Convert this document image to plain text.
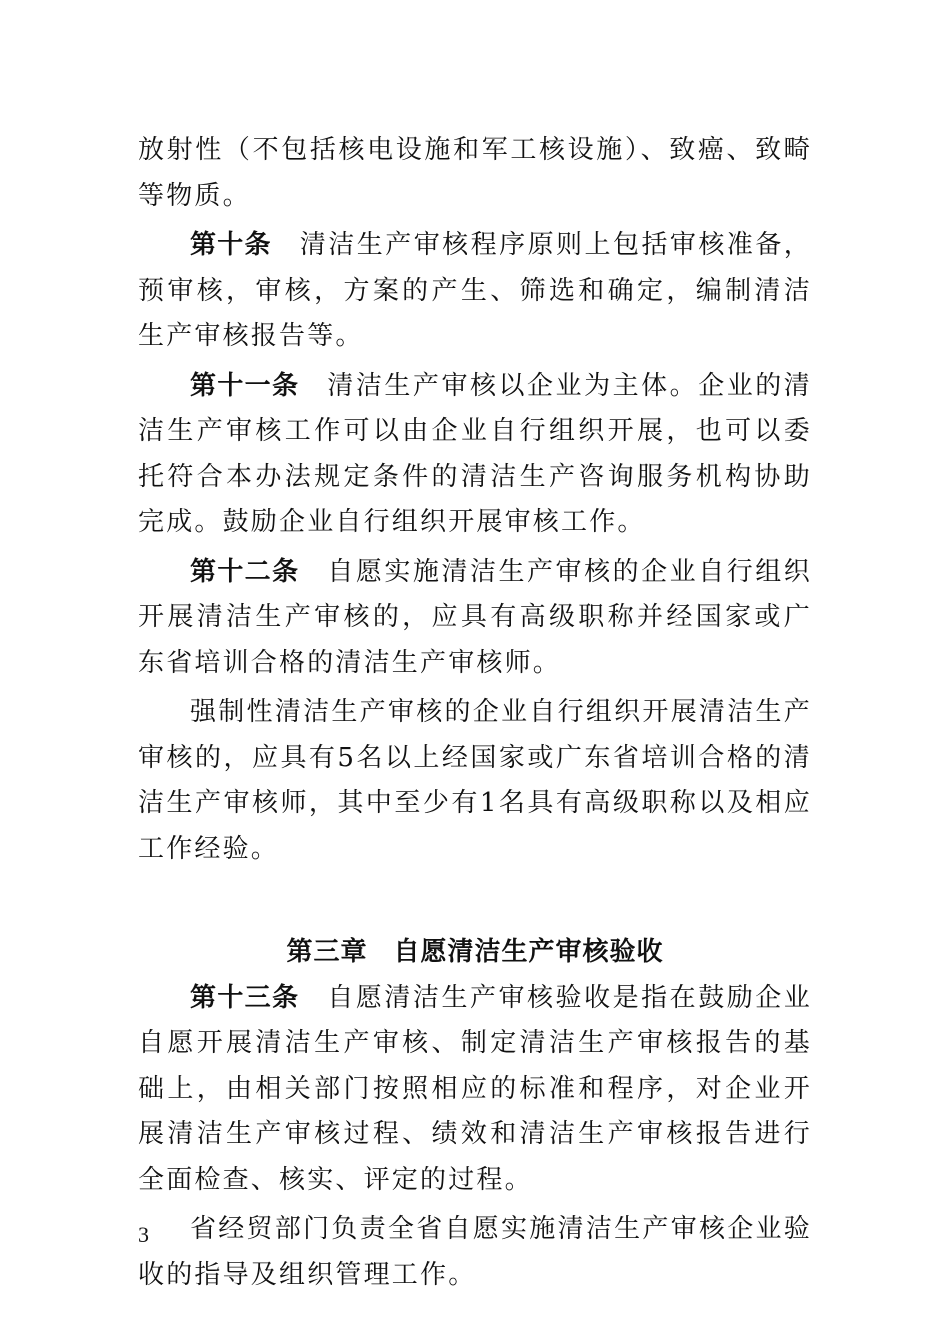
放射性（不包括核电设施和军工核设施）、致癌、致畸等物质。

第十条 清洁生产审核程序原则上包括审核准备，预审核，审核，方案的产生、筛选和确定，编制清洁生产审核报告等。

第十一条 清洁生产审核以企业为主体。企业的清洁生产审核工作可以由企业自行组织开展，也可以委托符合本办法规定条件的清洁生产咨询服务机构协助完成。鼓励企业自行组织开展审核工作。

第十二条 自愿实施清洁生产审核的企业自行组织开展清洁生产审核的，应具有高级职称并经国家或广东省培训合格的清洁生产审核师。

强制性清洁生产审核的企业自行组织开展清洁生产审核的，应具有5名以上经国家或广东省培训合格的清洁生产审核师，其中至少有1名具有高级职称以及相应工作经验。

第三章 自愿清洁生产审核验收

第十三条 自愿清洁生产审核验收是指在鼓励企业自愿开展清洁生产审核、制定清洁生产审核报告的基础上，由相关部门按照相应的标准和程序，对企业开展清洁生产审核过程、绩效和清洁生产审核报告进行全面检查、核实、评定的过程。

省经贸部门负责全省自愿实施清洁生产审核企业验收的指导及组织管理工作。

3
